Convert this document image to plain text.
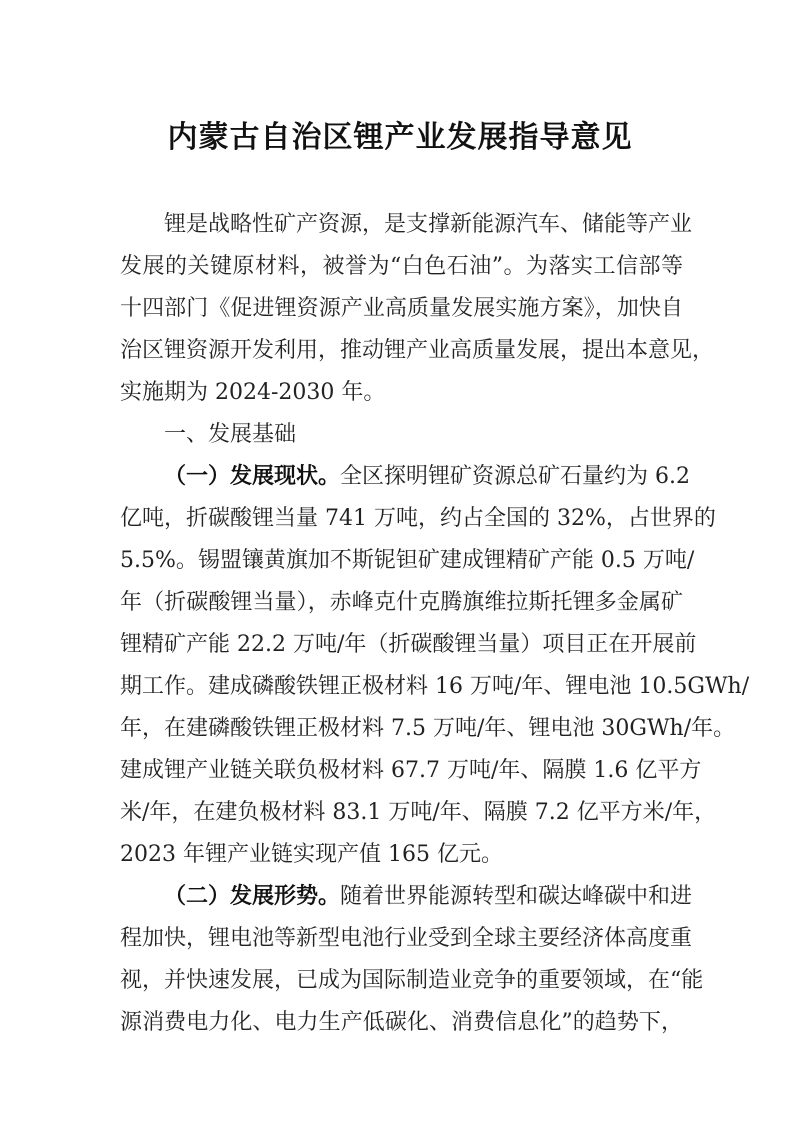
内蒙古自治区锂产业发展指导意见
锂是战略性矿产资源，是支撑新能源汽车、储能等产业
发展的关键原材料，被誉为“白色石油”。为落实工信部等
十四部门《促进锂资源产业高质量发展实施方案》，加快自
治区锂资源开发利用，推动锂产业高质量发展，提出本意见，
实施期为 2024-2030 年。
一、发展基础
（一）发展现状。全区探明锂矿资源总矿石量约为 6.2
亿吨，折碳酸锂当量 741 万吨，约占全国的 32%，占世界的
5.5%。锡盟镶黄旗加不斯铌钽矿建成锂精矿产能 0.5 万吨/
年（折碳酸锂当量），赤峰克什克腾旗维拉斯托锂多金属矿
锂精矿产能 22.2 万吨/年（折碳酸锂当量）项目正在开展前
期工作。建成磷酸铁锂正极材料 16 万吨/年、锂电池 10.5GWh/
年，在建磷酸铁锂正极材料 7.5 万吨/年、锂电池 30GWh/年。
建成锂产业链关联负极材料 67.7 万吨/年、隔膜 1.6 亿平方
米/年，在建负极材料 83.1 万吨/年、隔膜 7.2 亿平方米/年，
2023 年锂产业链实现产值 165 亿元。
（二）发展形势。随着世界能源转型和碳达峰碳中和进
程加快，锂电池等新型电池行业受到全球主要经济体高度重
视，并快速发展，已成为国际制造业竞争的重要领域，在“能
源消费电力化、电力生产低碳化、消费信息化”的趋势下，
